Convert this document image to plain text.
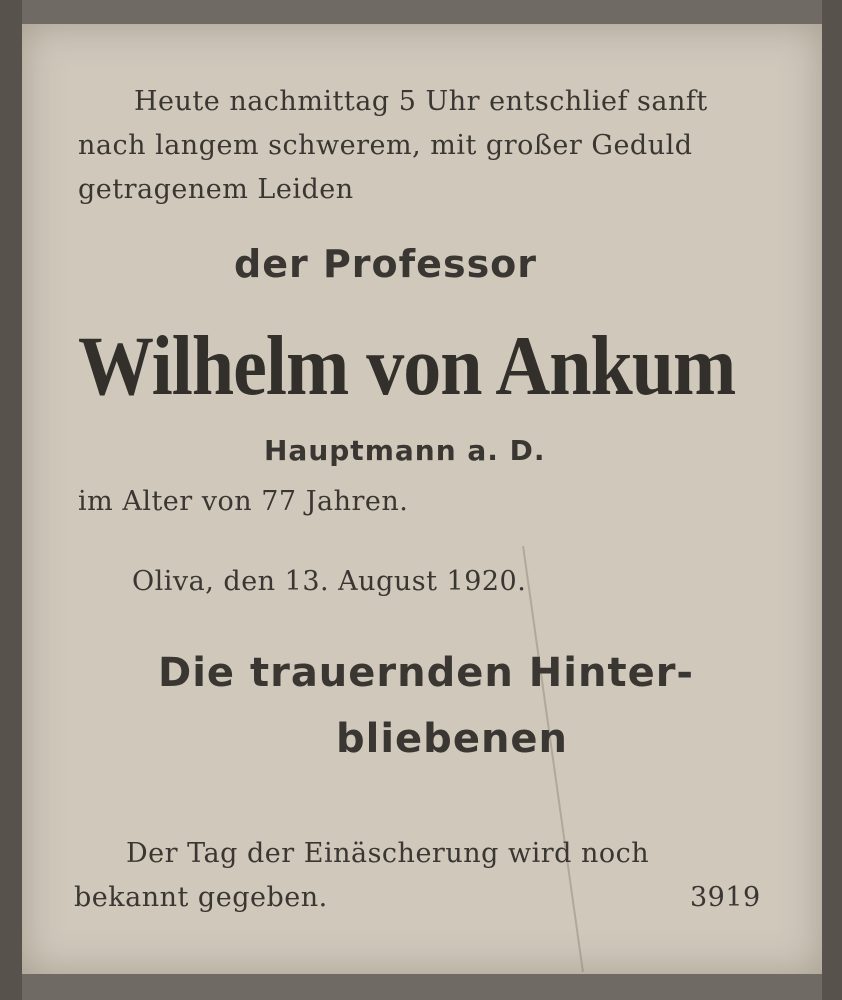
Heute nachmittag 5 Uhr entschlief sanft

nach langem schwerem, mit großer Geduld

getragenem Leiden

der Professor

Wilhelm von Ankum

Hauptmann a. D.

im Alter von 77 Jahren.

Oliva, den 13. August 1920.

Die trauernden Hinter-

bliebenen

Der Tag der Einäscherung wird noch

bekannt gegeben.	3919
